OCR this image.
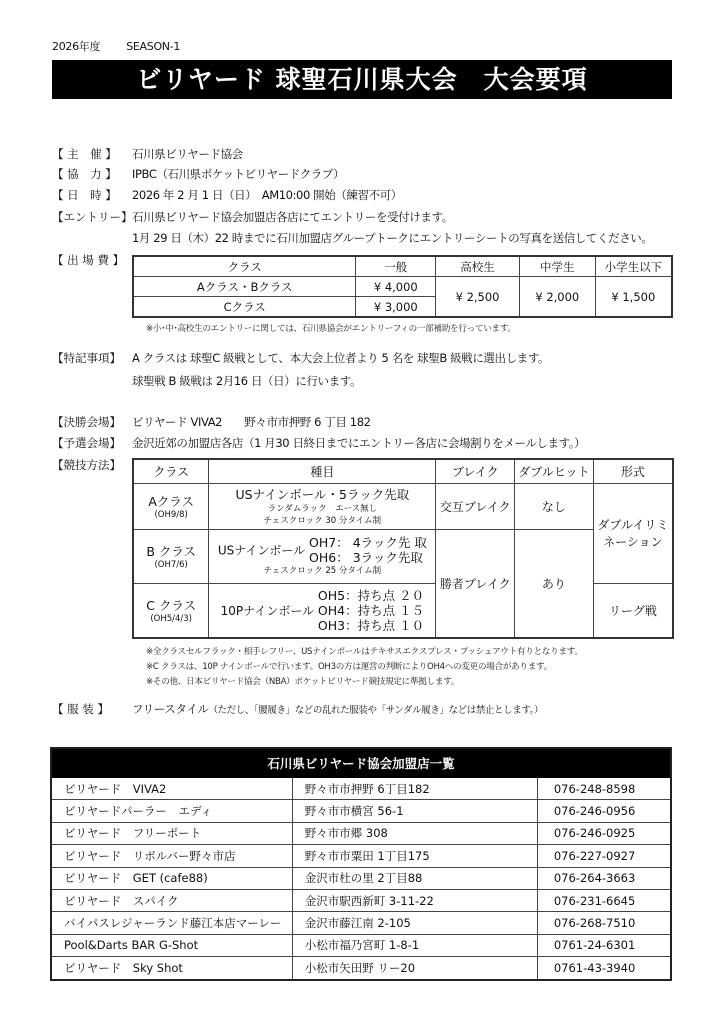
2026年度 SEASON-1
ビリヤード 球聖石川県大会　大会要項
【 主　催 】 石川県ビリヤード協会
【 協　力 】 IPBC（石川県ポケットビリヤードクラブ）
【 日　時 】 2026 年 2 月 1 日（日）　AM10:00 開始（練習不可）
【エントリー】 石川県ビリヤード協会加盟店各店にてエントリーを受付けます。
1月 29 日（木）22 時までに石川加盟店グループトークにエントリーシートの写真を送信してください。
【 出 場 費 】	クラス	一般	高校生	中学生	小学生以下
Aクラス・Bクラス	¥ 4,000	¥ 2,500	¥ 2,000	¥ 1,500
Cクラス	¥ 3,000			
※小･中･高校生のエントリーに関しては、石川県協会がエントリーフィの一部補助を行っています。
【特記事項】 A クラスは 球聖C 級戦として、本大会上位者より 5 名を 球聖B 級戦に選出します。
球聖戦 B 級戦は 2月16 日（日）に行います。
【決勝会場】 ビリヤード VIVA2　　野々市市押野 6 丁目 182
【予選会場】 金沢近郊の加盟店各店（1 月30 日終日までにエントリー各店に会場割りをメールします。）
【競技方法】	クラス	種目	ブレイク	ダブルヒット	形式
Aクラス
(OH9/8)	USナインボール・5ラック先取
ランダムラック　エース無し
チェスクロック 30 分タイム制	交互ブレイク	なし	ダブルイリミネーション
B クラス
(OH7/6)	USナインボール
OH7： 4ラック先 取
OH6： 3ラック先取
チェスクロック 25 分タイム制	勝者ブレイク	あり	
C クラス
(OH5/4/3)	10Pナインボール
OH5：持ち点 ２０
OH4：持ち点 １５
OH3：持ち点 １０			リーグ戦
※全クラスセルフラック・相手レフリー、USナインボールはテキサスエクスプレス・プッシュアウト有りとなります。
※C クラスは、10P ナインボールで行います。OH3の方は運営の判断によりOH4への変更の場合があります。
※その他、日本ビリヤード協会（NBA）ポケットビリヤード競技規定に準拠します。
【 服 装 】 フリースタイル（ただし、「腰履き」などの乱れた服装や「サンダル履き」などは禁止とします。）
石川県ビリヤード協会加盟店一覧		
ビリヤード　VIVA2	野々市市押野 6丁目182	076-248-8598
ビリヤードパーラー　エディ	野々市市横宮 56-1	076-246-0956
ビリヤード　フリーポート	野々市市郷 308	076-246-0925
ビリヤード　リボルバー野々市店	野々市市粟田 1丁目175	076-227-0927
ビリヤード　GET (cafe88)	金沢市杜の里 2丁目88	076-264-3663
ビリヤード　スパイク	金沢市駅西新町 3-11-22	076-231-6645
バイパスレジャーランド藤江本店マーレー	金沢市藤江南 2-105	076-268-7510
Pool&Darts BAR G-Shot	小松市福乃宮町 1-8-1	0761-24-6301
ビリヤード　Sky Shot	小松市矢田野 リー20	0761-43-3940
